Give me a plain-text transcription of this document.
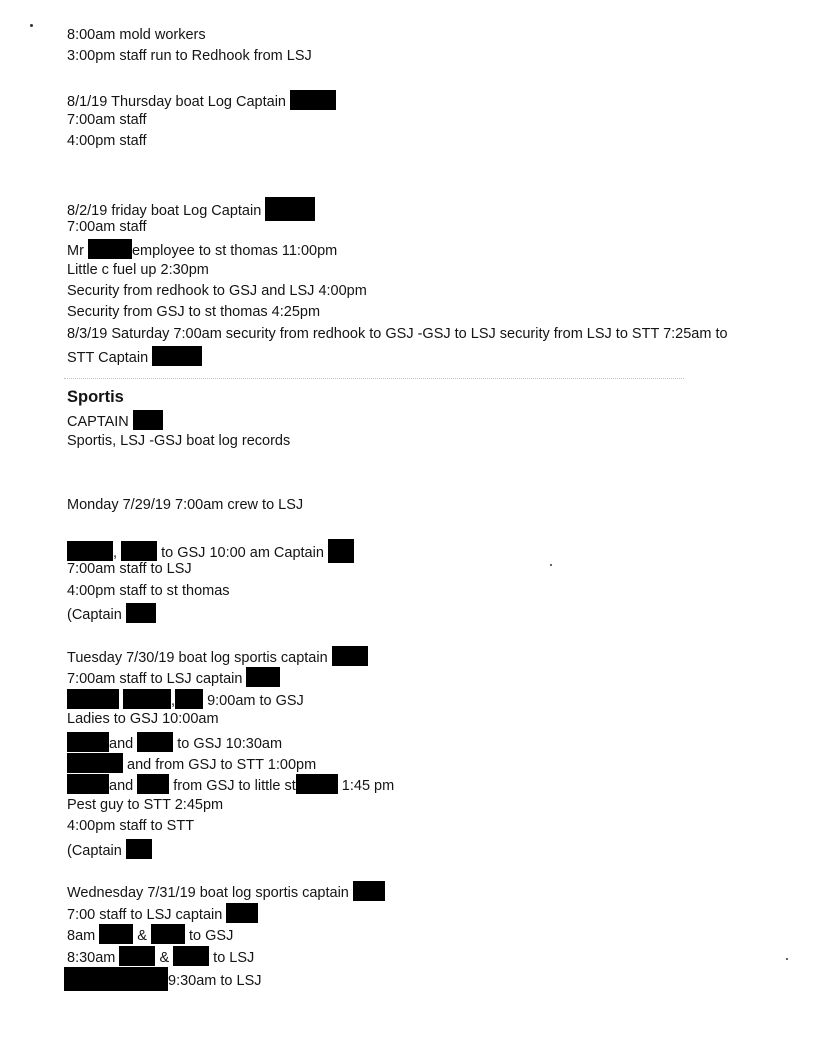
8:00am mold workers
3:00pm staff run to Redhook from LSJ
8/1/19 Thursday boat Log Captain
7:00am staff
4:00pm staff
8/2/19 friday boat Log Captain
7:00am staff
Mr	employee to st thomas 11:00pm
Little c fuel up 2:30pm
Security from redhook to GSJ and LSJ 4:00pm
Security from GSJ to st thomas 4:25pm
8/3/19 Saturday 7:00am security from redhook to GSJ -GSJ to LSJ security from LSJ to STT 7:25am to
STT Captain
Sportis
CAPTAIN
Sportis, LSJ -GSJ boat log records
Monday 7/29/19 7:00am crew to LSJ
,	to GSJ 10:00 am Captain
7:00am staff to LSJ
4:00pm staff to st thomas
(Captain
Tuesday 7/30/19 boat log sportis captain
7:00am staff to LSJ captain
, 9:00am to GSJ
Ladies to GSJ 10:00am
and	to GSJ 10:30am
and from GSJ to STT 1:00pm
and	from GSJ to little st	1:45 pm
Pest guy to STT 2:45pm
4:00pm staff to STT
(Captain
Wednesday 7/31/19 boat log sportis captain
7:00 staff to LSJ captain
8am	&	to GSJ
8:30am	&	to LSJ
9:30am to LSJ
